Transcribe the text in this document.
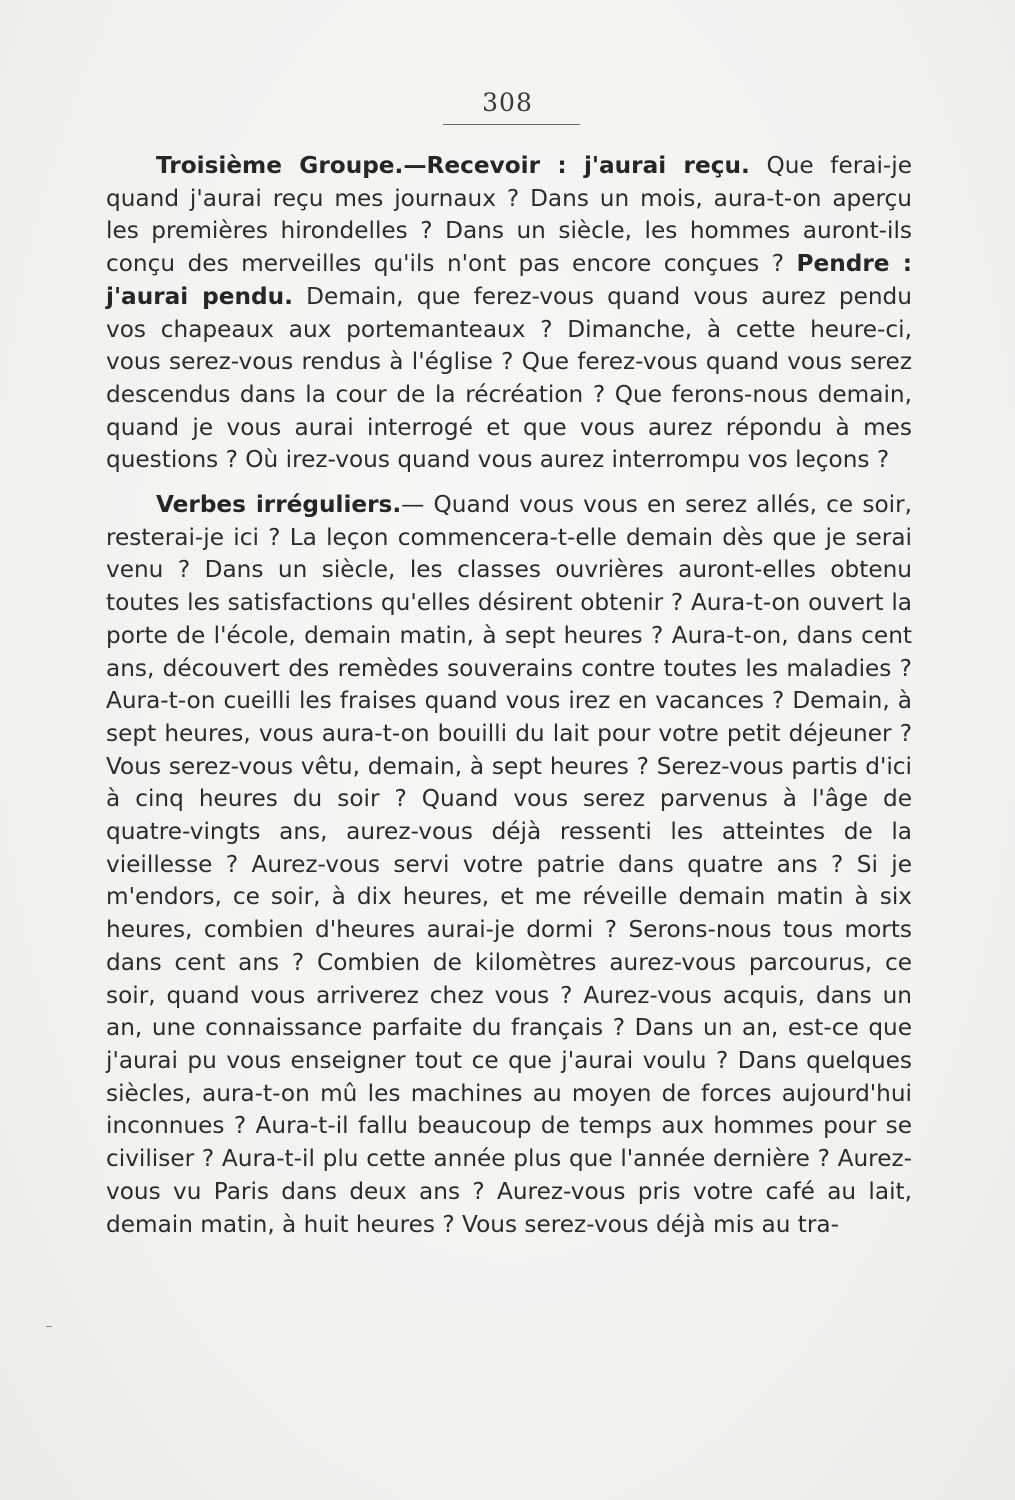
308

Troisième Groupe.—Recevoir : j'aurai reçu. Que ferai-je quand j'aurai reçu mes journaux ? Dans un mois, aura-t-on aperçu les premières hirondelles ? Dans un siècle, les hommes auront-ils conçu des merveilles qu'ils n'ont pas encore conçues ? Pendre : j'aurai pendu. Demain, que ferez-vous quand vous aurez pendu vos chapeaux aux portemanteaux ? Dimanche, à cette heure-ci, vous serez-vous rendus à l'église ? Que ferez-vous quand vous serez descendus dans la cour de la récréation ? Que ferons-nous demain, quand je vous aurai interrogé et que vous aurez répondu à mes questions ? Où irez-vous quand vous aurez interrompu vos leçons ?

Verbes irréguliers.— Quand vous vous en serez allés, ce soir, resterai-je ici ? La leçon commencera-t-elle demain dès que je serai venu ? Dans un siècle, les classes ouvrières auront-elles obtenu toutes les satisfactions qu'elles désirent obtenir ? Aura-t-on ouvert la porte de l'école, demain matin, à sept heures ? Aura-t-on, dans cent ans, découvert des remèdes souverains contre toutes les maladies ? Aura-t-on cueilli les fraises quand vous irez en vacances ? Demain, à sept heures, vous aura-t-on bouilli du lait pour votre petit déjeuner ? Vous serez-vous vêtu, demain, à sept heures ? Serez-vous partis d'ici à cinq heures du soir ? Quand vous serez parvenus à l'âge de quatre-vingts ans, aurez-vous déjà ressenti les atteintes de la vieillesse ? Aurez-vous servi votre patrie dans quatre ans ? Si je m'endors, ce soir, à dix heures, et me réveille demain matin à six heures, combien d'heures aurai-je dormi ? Serons-nous tous morts dans cent ans ? Combien de kilomètres aurez-vous parcourus, ce soir, quand vous arriverez chez vous ? Aurez-vous acquis, dans un an, une connaissance parfaite du français ? Dans un an, est-ce que j'aurai pu vous enseigner tout ce que j'aurai voulu ? Dans quelques siècles, aura-t-on mû les machines au moyen de forces aujourd'hui inconnues ? Aura-t-il fallu beaucoup de temps aux hommes pour se civiliser ? Aura-t-il plu cette année plus que l'année dernière ? Aurez-vous vu Paris dans deux ans ? Aurez-vous pris votre café au lait, demain matin, à huit heures ? Vous serez-vous déjà mis au tra-
